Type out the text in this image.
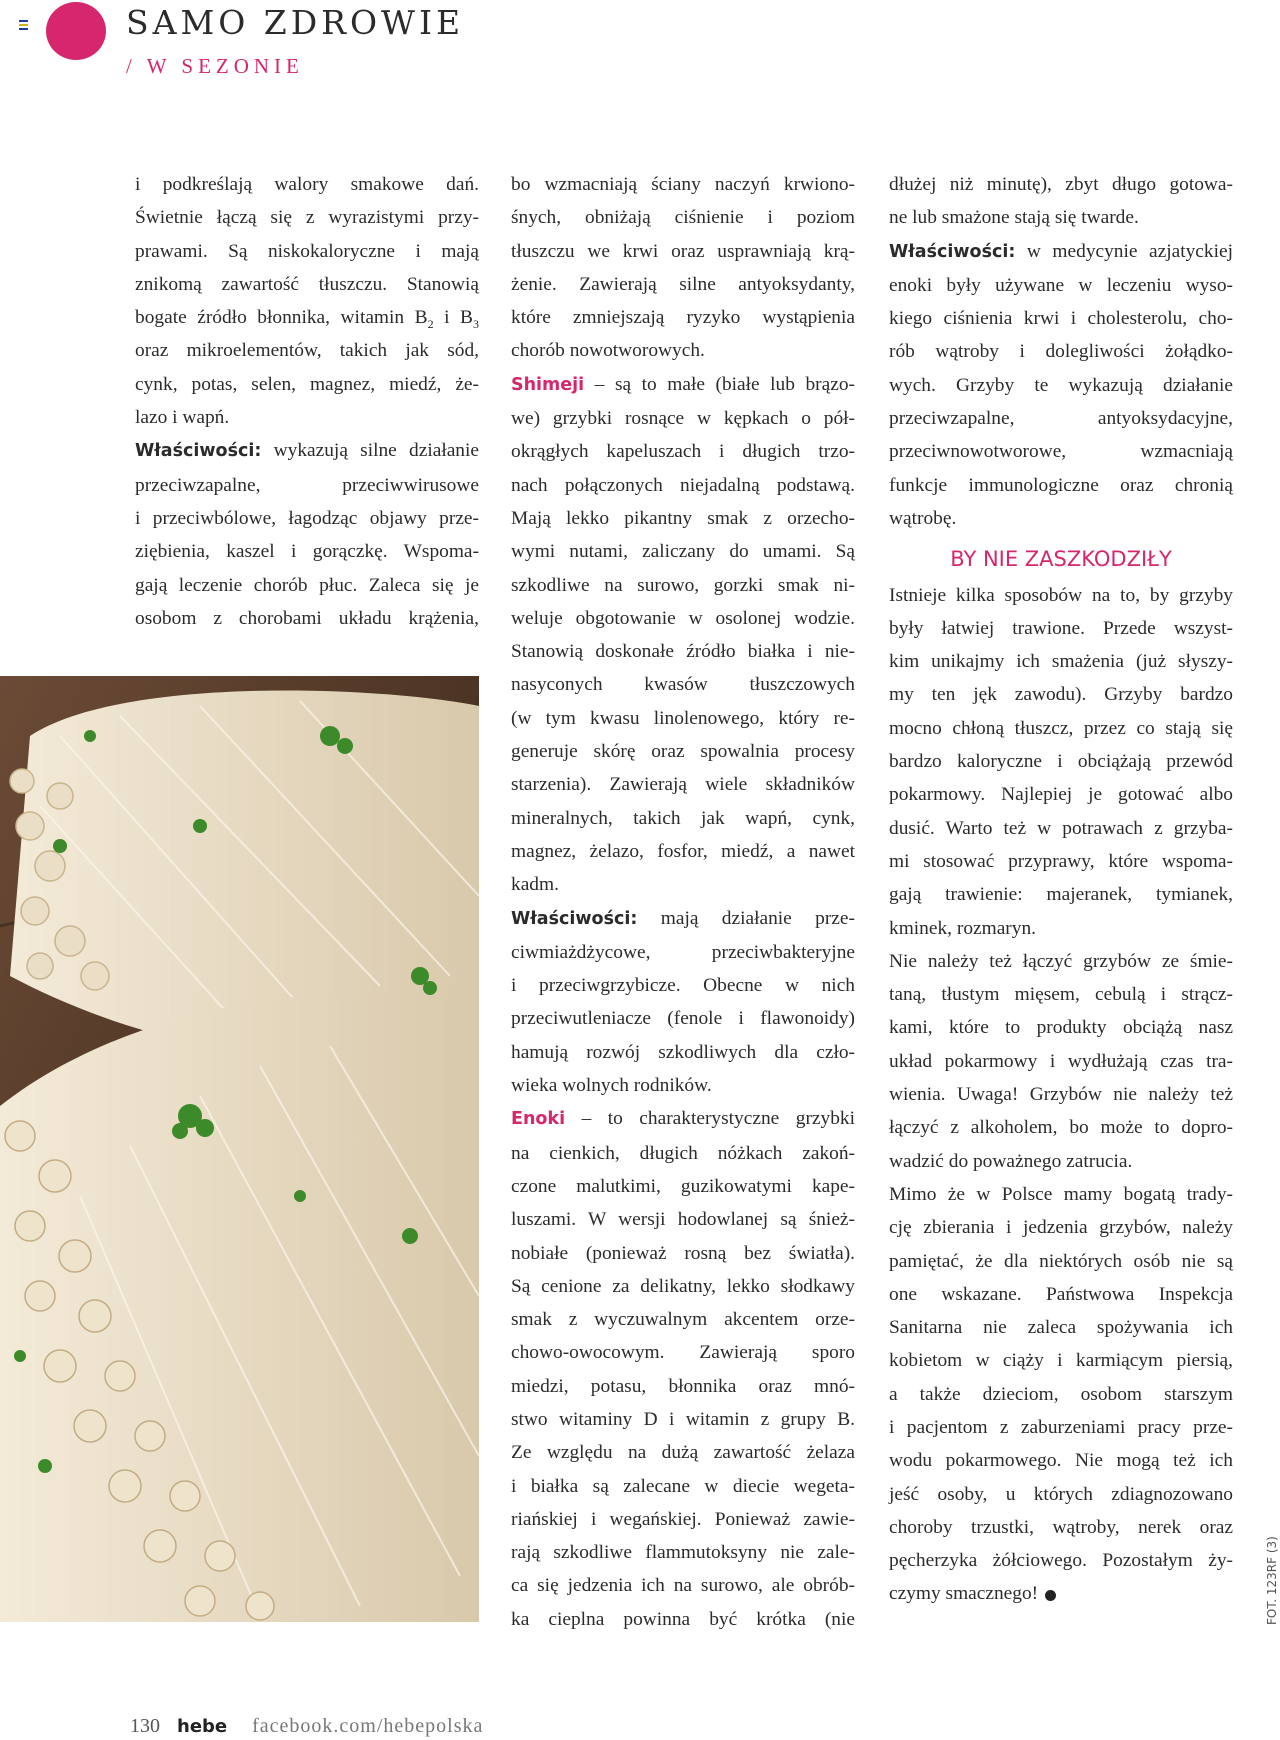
SAMO ZDROWIE
/ W SEZONIE
i podkreślają walory smakowe dań.
Świetnie łączą się z wyrazistymi przy-
prawami. Są niskokaloryczne i mają
znikomą zawartość tłuszczu. Stanowią
bogate źródło błonnika, witamin $B_2$ i $B_3$
oraz mikroelementów, takich jak sód,
cynk, potas, selen, magnez, miedź, że-
lazo i wapń.
Właściwości: wykazują silne działanie
przeciwzapalne, przeciwwirusowe
i przeciwbólowe, łagodząc objawy prze-
ziębienia, kaszel i gorączkę. Wspoma-
gają leczenie chorób płuc. Zaleca się je
osobom z chorobami układu krążenia,
bo wzmacniają ściany naczyń krwiono-
śnych, obniżają ciśnienie i poziom
tłuszczu we krwi oraz usprawniają krą-
żenie. Zawierają silne antyoksydanty,
które zmniejszają ryzyko wystąpienia
chorób nowotworowych.
Shimeji – są to małe (białe lub brązo-
we) grzybki rosnące w kępkach o pół-
okrągłych kapeluszach i długich trzo-
nach połączonych niejadalną podstawą.
Mają lekko pikantny smak z orzecho-
wymi nutami, zaliczany do umami. Są
szkodliwe na surowo, gorzki smak ni-
weluje obgotowanie w osolonej wodzie.
Stanowią doskonałe źródło białka i nie-
nasyconych kwasów tłuszczowych
(w tym kwasu linolenowego, który re-
generuje skórę oraz spowalnia procesy
starzenia). Zawierają wiele składników
mineralnych, takich jak wapń, cynk,
magnez, żelazo, fosfor, miedź, a nawet
kadm.
Właściwości: mają działanie prze-
ciwmiażdżycowe, przeciwbakteryjne
i przeciwgrzybicze. Obecne w nich
przeciwutleniacze (fenole i flawonoidy)
hamują rozwój szkodliwych dla czło-
wieka wolnych rodników.
Enoki – to charakterystyczne grzybki
na cienkich, długich nóżkach zakoń-
czone malutkimi, guzikowatymi kape-
luszami. W wersji hodowlanej są śnież-
nobiałe (ponieważ rosną bez światła).
Są cenione za delikatny, lekko słodkawy
smak z wyczuwalnym akcentem orze-
chowo-owocowym. Zawierają sporo
miedzi, potasu, błonnika oraz mnó-
stwo witaminy D i witamin z grupy B.
Ze względu na dużą zawartość żelaza
i białka są zalecane w diecie wegeta-
riańskiej i wegańskiej. Ponieważ zawie-
rają szkodliwe flammutoksyny nie zale-
ca się jedzenia ich na surowo, ale obrób-
ka cieplna powinna być krótka (nie
dłużej niż minutę), zbyt długo gotowa-
ne lub smażone stają się twarde.
Właściwości: w medycynie azjatyckiej
enoki były używane w leczeniu wyso-
kiego ciśnienia krwi i cholesterolu, cho-
rób wątroby i dolegliwości żołądko-
wych. Grzyby te wykazują działanie
przeciwzapalne, antyoksydacyjne,
przeciwnowotworowe, wzmacniają
funkcje immunologiczne oraz chronią
wątrobę.
BY NIE ZASZKODZIŁY
Istnieje kilka sposobów na to, by grzyby
były łatwiej trawione. Przede wszyst-
kim unikajmy ich smażenia (już słyszy-
my ten jęk zawodu). Grzyby bardzo
mocno chłoną tłuszcz, przez co stają się
bardzo kaloryczne i obciążają przewód
pokarmowy. Najlepiej je gotować albo
dusić. Warto też w potrawach z grzyba-
mi stosować przyprawy, które wspoma-
gają trawienie: majeranek, tymianek,
kminek, rozmaryn.
Nie należy też łączyć grzybów ze śmie-
taną, tłustym mięsem, cebulą i strącz-
kami, które to produkty obciążą nasz
układ pokarmowy i wydłużają czas tra-
wienia. Uwaga! Grzybów nie należy też
łączyć z alkoholem, bo może to dopro-
wadzić do poważnego zatrucia.
Mimo że w Polsce mamy bogatą trady-
cję zbierania i jedzenia grzybów, należy
pamiętać, że dla niektórych osób nie są
one wskazane. Państwowa Inspekcja
Sanitarna nie zaleca spożywania ich
kobietom w ciąży i karmiącym piersią,
a także dzieciom, osobom starszym
i pacjentom z zaburzeniami pracy prze-
wodu pokarmowego. Nie mogą też ich
jeść osoby, u których zdiagnozowano
choroby trzustki, wątroby, nerek oraz
pęcherzyka żółciowego. Pozostałym ży-
czymy smacznego!	FOT. 123RF (3)
130 hebe facebook.com/hebepolska
